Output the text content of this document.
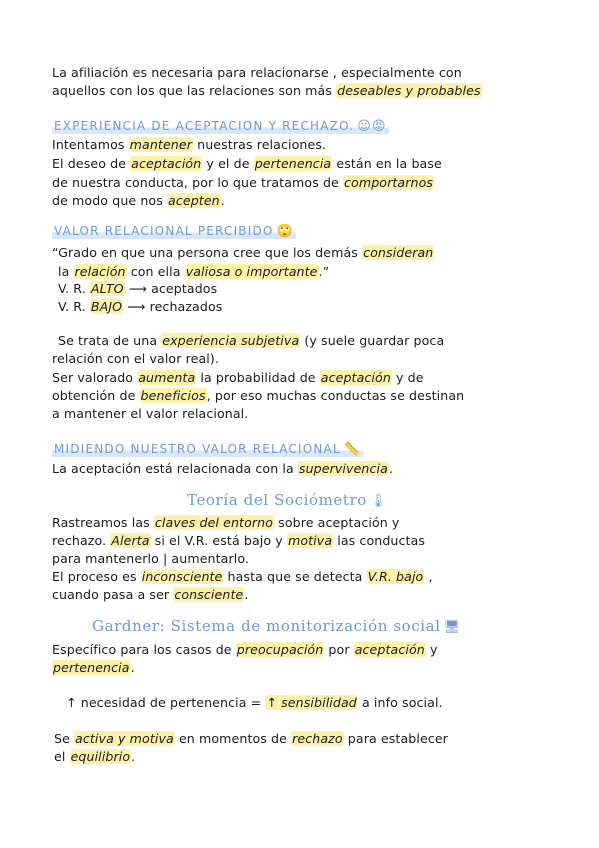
La afiliación es necesaria para relacionarse , especialmente con
aquellos con los que las relaciones son más deseables y probables
EXPERIENCIA DE ACEPTACION Y RECHAZO. ☺😡
Intentamos mantener nuestras relaciones.
El deseo de aceptación y el de pertenencia están en la base
de nuestra conducta, por lo que tratamos de comportarnos
de modo que nos acepten.
VALOR RELACIONAL PERCIBIDO 🙄
“Grado en que una persona cree que los demás consideran
la relación con ella valiosa o importante.”
V. R. ALTO ⟶ aceptados
V. R. BAJO ⟶ rechazados
Se trata de una experiencia subjetiva (y suele guardar poca
relación con el valor real).
Ser valorado aumenta la probabilidad de aceptación y de
obtención de beneficios, por eso muchas conductas se destinan
a mantener el valor relacional.
MIDIENDO NUESTRO VALOR RELACIONAL 📏
La aceptación está relacionada con la supervivencia.
Teoría del Sociómetro 🌡
Rastreamos las claves del entorno sobre aceptación y
rechazo. Alerta si el V.R. está bajo y motiva las conductas
para mantenerlo | aumentarlo.
El proceso es inconsciente hasta que se detecta V.R. bajo ,
cuando pasa a ser consciente.
Gardner: Sistema de monitorización social 🖥
Específico para los casos de preocupación por aceptación y
pertenencia.
↑ necesidad de pertenencia = ↑ sensibilidad a info social.
Se activa y motiva en momentos de rechazo para establecer
el equilibrio.
